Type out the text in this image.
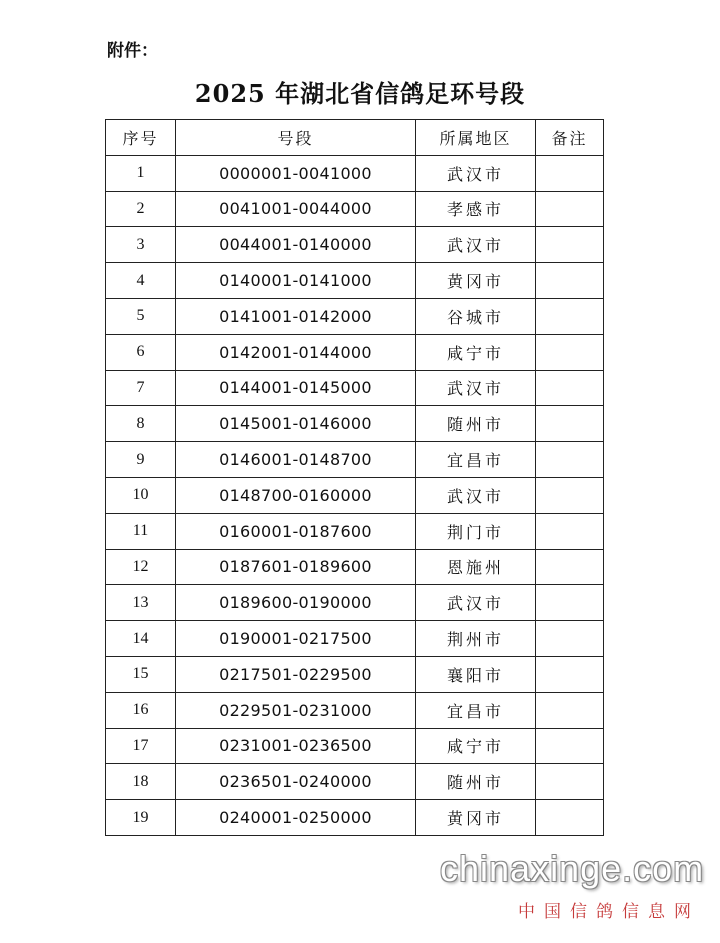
附件：
2025 年湖北省信鸽足环号段
序号	号段	所属地区	备注
1	0000001-0041000	武汉市	
2	0041001-0044000	孝感市	
3	0044001-0140000	武汉市	
4	0140001-0141000	黄冈市	
5	0141001-0142000	谷城市	
6	0142001-0144000	咸宁市	
7	0144001-0145000	武汉市	
8	0145001-0146000	随州市	
9	0146001-0148700	宜昌市	
10	0148700-0160000	武汉市	
11	0160001-0187600	荆门市	
12	0187601-0189600	恩施州	
13	0189600-0190000	武汉市	
14	0190001-0217500	荆州市	
15	0217501-0229500	襄阳市	
16	0229501-0231000	宜昌市	
17	0231001-0236500	咸宁市	
18	0236501-0240000	随州市	
19	0240001-0250000	黄冈市	
chinaxinge.com
中国信鸽信息网
